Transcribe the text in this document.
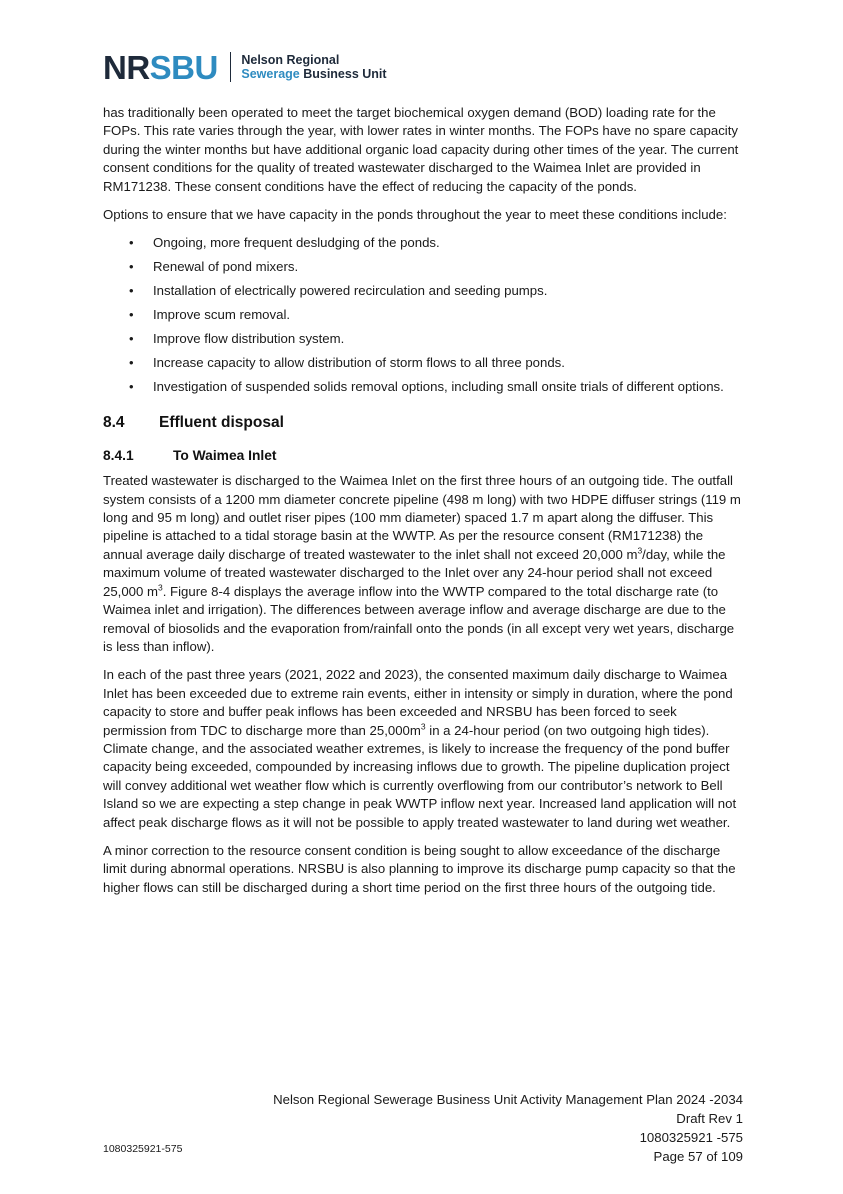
NRSBU Nelson Regional
Sewerage Business Unit

has traditionally been operated to meet the target biochemical oxygen demand (BOD) loading rate for the FOPs. This rate varies through the year, with lower rates in winter months. The FOPs have no spare capacity during the winter months but have additional organic load capacity during other times of the year. The current consent conditions for the quality of treated wastewater discharged to the Waimea Inlet are provided in RM171238. These consent conditions have the effect of reducing the capacity of the ponds.

Options to ensure that we have capacity in the ponds throughout the year to meet these conditions include:

• Ongoing, more frequent desludging of the ponds.
• Renewal of pond mixers.
• Installation of electrically powered recirculation and seeding pumps.
• Improve scum removal.
• Improve flow distribution system.
• Increase capacity to allow distribution of storm flows to all three ponds.
• Investigation of suspended solids removal options, including small onsite trials of different options.
8.4	Effluent disposal
8.4.1	To Waimea Inlet

Treated wastewater is discharged to the Waimea Inlet on the first three hours of an outgoing tide. The outfall system consists of a 1200 mm diameter concrete pipeline (498 m long) with two HDPE diffuser strings (119 m long and 95 m long) and outlet riser pipes (100 mm diameter) spaced 1.7 m apart along the diffuser. This pipeline is attached to a tidal storage basin at the WWTP. As per the resource consent (RM171238) the annual average daily discharge of treated wastewater to the inlet shall not exceed 20,000 $m^3$/day, while the maximum volume of treated wastewater discharged to the Inlet over any 24-hour period shall not exceed 25,000 $m^3$. Figure 8-4 displays the average inflow into the WWTP compared to the total discharge rate (to Waimea inlet and irrigation). The differences between average inflow and average discharge are due to the removal of biosolids and the evaporation from/rainfall onto the ponds (in all except very wet years, discharge is less than inflow).

In each of the past three years (2021, 2022 and 2023), the consented maximum daily discharge to Waimea Inlet has been exceeded due to extreme rain events, either in intensity or simply in duration, where the pond capacity to store and buffer peak inflows has been exceeded and NRSBU has been forced to seek permission from TDC to discharge more than $25,000m^3$ in a 24-hour period (on two outgoing high tides). Climate change, and the associated weather extremes, is likely to increase the frequency of the pond buffer capacity being exceeded, compounded by increasing inflows due to growth. The pipeline duplication project will convey additional wet weather flow which is currently overflowing from our contributor’s network to Bell Island so we are expecting a step change in peak WWTP inflow next year. Increased land application will not affect peak discharge flows as it will not be possible to apply treated wastewater to land during wet weather.

A minor correction to the resource consent condition is being sought to allow exceedance of the discharge limit during abnormal operations. NRSBU is also planning to improve its discharge pump capacity so that the higher flows can still be discharged during a short time period on the first three hours of the outgoing tide.

Nelson Regional Sewerage Business Unit Activity Management Plan 2024 -2034
Draft Rev 1
1080325921 -575
Page 57 of 109
1080325921-575
